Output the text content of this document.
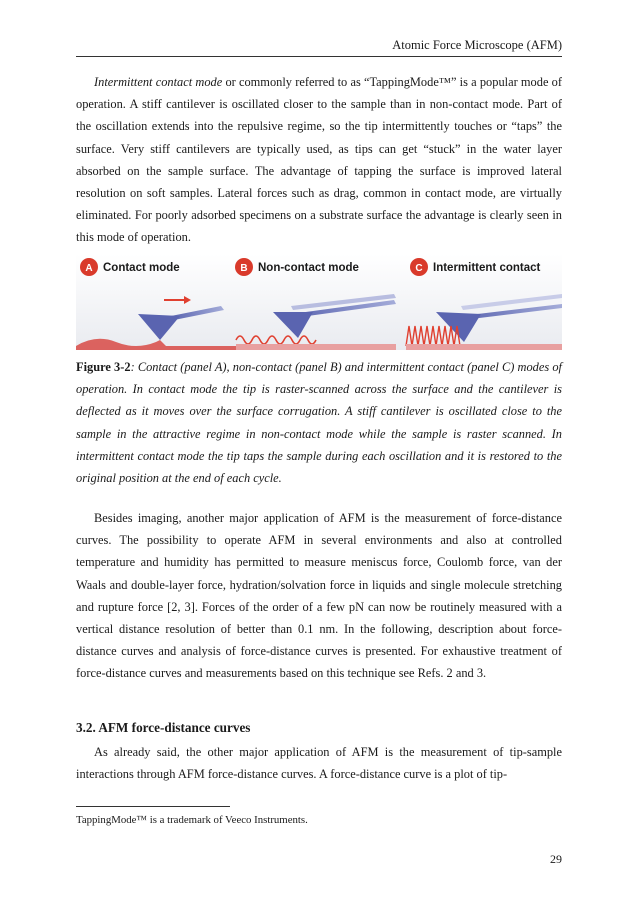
Atomic Force Microscope (AFM)

Intermittent contact mode or commonly referred to as “TappingMode™” is a popular mode of operation. A stiff cantilever is oscillated closer to the sample than in non-contact mode. Part of the oscillation extends into the repulsive regime, so the tip intermittently touches or “taps” the surface. Very stiff cantilevers are typically used, as tips can get “stuck” in the water layer absorbed on the sample surface. The advantage of tapping the surface is improved lateral resolution on soft samples. Lateral forces such as drag, common in contact mode, are virtually eliminated. For poorly adsorbed specimens on a substrate surface the advantage is clearly seen in this mode of operation.

A Contact mode	B Non-contact mode	C Intermittent contact

Figure 3-2: Contact (panel A), non-contact (panel B) and intermittent contact (panel C) modes of operation. In contact mode the tip is raster-scanned across the surface and the cantilever is deflected as it moves over the surface corrugation. A stiff cantilever is oscillated close to the sample in the attractive regime in non-contact mode while the sample is raster scanned. In intermittent contact mode the tip taps the sample during each oscillation and it is restored to the original position at the end of each cycle.

Besides imaging, another major application of AFM is the measurement of force-distance curves. The possibility to operate AFM in several environments and also at controlled temperature and humidity has permitted to measure meniscus force, Coulomb force, van der Waals and double-layer force, hydration/solvation force in liquids and single molecule stretching and rupture force [2, 3]. Forces of the order of a few pN can now be routinely measured with a vertical distance resolution of better than 0.1 nm. In the following, description about force-distance curves and analysis of force-distance curves is presented. For exhaustive treatment of force-distance curves and measurements based on this technique see Refs. 2 and 3.

3.2. AFM force-distance curves

As already said, the other major application of AFM is the measurement of tip-sample interactions through AFM force-distance curves. A force-distance curve is a plot of tip-

TappingMode™ is a trademark of Veeco Instruments.
29
